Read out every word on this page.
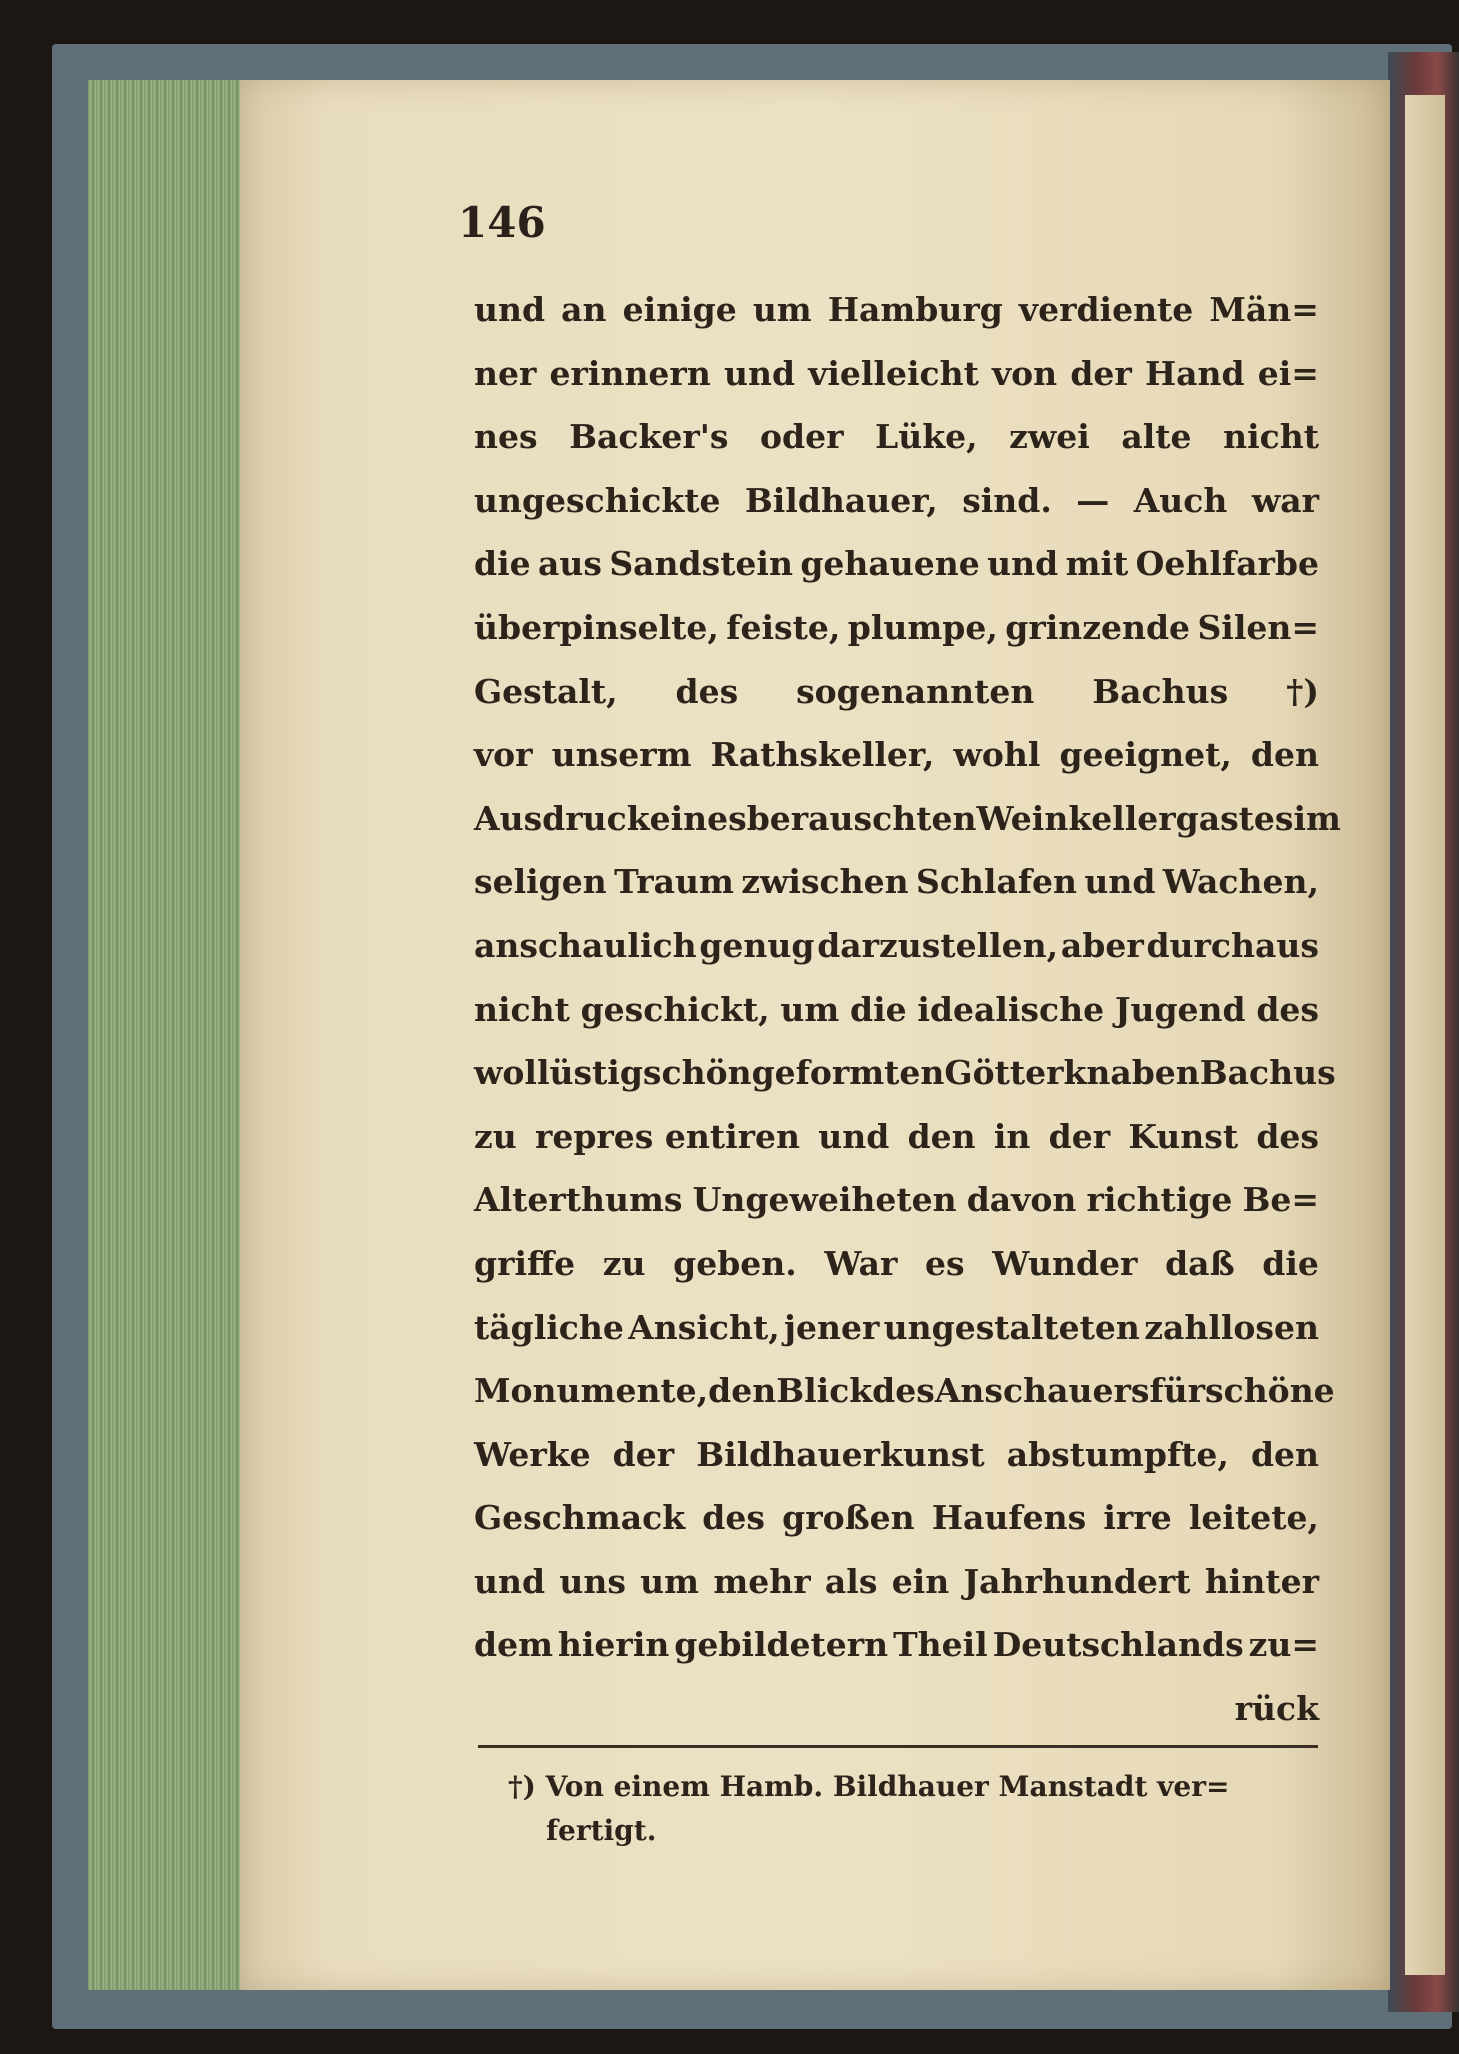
146
und an einige um Hamburg verdiente Män=
ner erinnern und vielleicht von der Hand ei=
nes Backer's oder Lüke, zwei alte nicht
ungeschickte Bildhauer, sind. — Auch war
die aus Sandstein gehauene und mit Oehlfarbe
überpinselte, feiste, plumpe, grinzende Silen=
Gestalt, des sogenannten Bachus †)
vor unserm Rathskeller, wohl geeignet, den
Ausdruck eines berauschten Weinkellergastes im
seligen Traum zwischen Schlafen und Wachen,
anschaulich genug darzustellen, aber durchaus
nicht geschickt, um die idealische Jugend des
wollüstig schön geformten Götterknaben Bachus
zu repres entiren und den in der Kunst des
Alterthums Ungeweiheten davon richtige Be=
griffe zu geben. War es Wunder daß die
tägliche Ansicht, jener ungestalteten zahllosen
Monumente, den Blick des Anschauers für schöne
Werke der Bildhauerkunst abstumpfte, den
Geschmack des großen Haufens irre leitete,
und uns um mehr als ein Jahrhundert hinter
dem hierin gebildetern Theil Deutschlands zu=
rück
†) Von einem Hamb. Bildhauer Manstadt ver=
fertigt.
